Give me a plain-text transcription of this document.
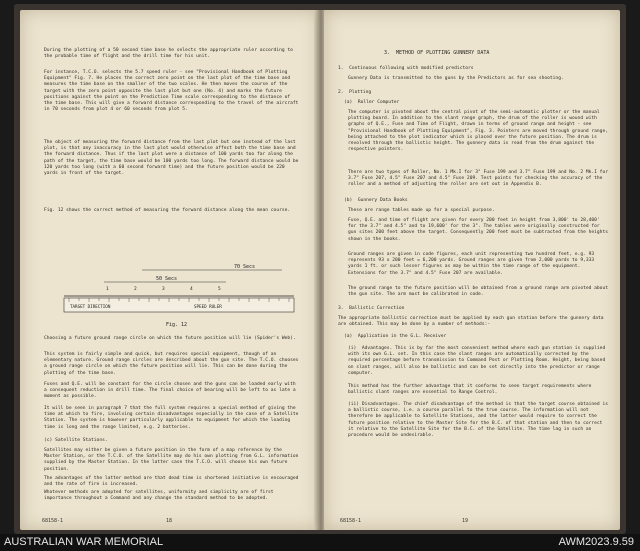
During the plotting of a 50 second time base he selects the appropriate ruler according to the probable time of flight and the drill time for his unit.

For instance, T.C.O. selects the 5.7 speed ruler - see "Provisional Handbook of Plotting Equipment" Fig. 7. He places the correct zero point on the last plot of the time base and measures the time base on the smaller of the two scales. He then moves the course of the target with the zero point opposite the last plot but one (No. 4) and marks the future positions against the point on the Prediction Time scale corresponding to the distance of the time base. This will give a forward distance corresponding to the travel of the aircraft in 70 seconds from plot 4 or 60 seconds from plot 5.

The object of measuring the forward distance from the last plot but one instead of the last plot, is that any inaccuracy in the last plot would otherwise affect both the time base and the forward distance. Thus if the last plot were a distance of 100 yards too far along the path of the target, the time base would be 100 yards too long. The forward distance would be 120 yards too long (with a 60 second forward time) and the future position would be 220 yards in front of the target.

Fig. 12 shows the correct method of measuring the forward distance along the mean course.

70 Secs
50 Secs
1	2	3	4	5
TARGET DIRECTION	SPEED RULER
Fig. 12

Choosing a future ground range circle on which the future position will lie (Spider's Web).

This system is fairly simple and quick, but requires special equipment, though of an elementary nature. Ground range circles are described about the gun site. The T.C.O. chooses a ground range circle on which the future position will lie. This can be done during the plotting of the time base.

Fuses and Q.E. will be constant for the circle chosen and the guns can be loaded early with a consequent reduction in drill time. The final choice of bearing will be left to as late a moment as possible.

It will be seen in paragraph 7 that the full system requires a special method of giving the time at which to fire, involving certain disadvantages especially in the case of a Satellite Station. The system is however particularly applicable to equipment for which the loading time is long and the range limited, e.g. 2 batteries.

(c) Satellite Stations.

Satellites may either be given a future position in the form of a map reference by the Master Station, or the T.C.O. of the Satellite may do his own plotting from G.L. information supplied by the Master Station. In the latter case the T.C.O. will choose his own future position.

The advantages of the latter method are that dead time is shortened initiative is encouraged and the rate of fire is increased.

Whatever methods are adopted for satellites, uniformity and simplicity are of first importance throughout a Command and any change the standard method to be adopted.

68158-1	18

3.  METHOD OF PLOTTING GUNNERY DATA

1.  Continuous following with modified predictors

Gunnery Data is transmitted to the guns by the Predictors as for sea shooting.

2.  Plotting

(a)  Roller Computer

The computer is pivoted about the central pivot of the semi-automatic plotter or the manual plotting board. In addition to the slant range graph, the drum of the roller is wound with graphs of Q.E., Fuse and Time of Flight, drawn in terms of ground range and height - see "Provisional Handbook of Plotting Equipment", Fig. 3. Pointers are moved through ground range, being attached to the plot indicator which is placed over the future position. The drum is revolved through the ballistic height. The gunnery data is read from the drum against the respective pointers.

There are two types of Roller, No. 1 Mk.I for 3" Fuse 199 and 3.7" Fuse 199 and No. 2 Mk.I for 3.7" Fuse 207, 4.5" Fuse 207 and 4.5" Fuse 209. Test points for checking the accuracy of the roller and a method of adjusting the roller are set out in Appendix B.

(b)  Gunnery Data Books

These are range tables made up for a special purpose.

Fuse, Q.E. and time of flight are given for every 200 feet in height from 3,800' to 28,400' for the 3.7" and 4.5" and to 19,600' for the 3". The tables were originally constructed for gun sites 200 feet above the target. Consequently 200 feet must be subtracted from the heights shown in the books.

Ground ranges are given in code figures, each unit representing two hundred feet, e.g. 93 represents 93 x 200 feet = 6,200 yards. Ground ranges are given from 2,000 yards to 9,333 yards 1 ft. or such lesser figures as may be within the time range of the equipment. Extensions for the 3.7" and 4.5" Fuse 207 are available.

The ground range to the future position will be obtained from a ground range arm pivoted about the gun site. The arm must be calibrated in code.

3.  Ballistic Correction

The appropriate ballistic correction must be applied by each gun station before the gunnery data are obtained. This may be done by a number of methods:-

(a)  Application in the G.L. Receiver

(i)  Advantages. This is by far the most convenient method where each gun station is supplied with its own G.L. set. In this case the slant ranges are automatically corrected by the required percentage before transmission to Command Post or Plotting Room. Height, being based on slant ranges, will also be ballistic and can be set directly into the predictor or range computer.

This method has the further advantage that it conforms to seen target requirements where ballistic slant ranges are essential to Range Control.

(ii) Disadvantages. The chief disadvantage of the method is that the target course obtained is a ballistic course, i.e. a course parallel to the true course. The information will not therefore be applicable to Satellite Stations, and the latter would require to correct the future position relative to the Master Site for the B.C. of that station and then to correct it relative to the Satellite Site for the B.C. of the Satellite. The time lag in such an procedure would be undesirable.

68158-1	19
AUSTRALIAN WAR MEMORIAL	AWM2023.9.59
